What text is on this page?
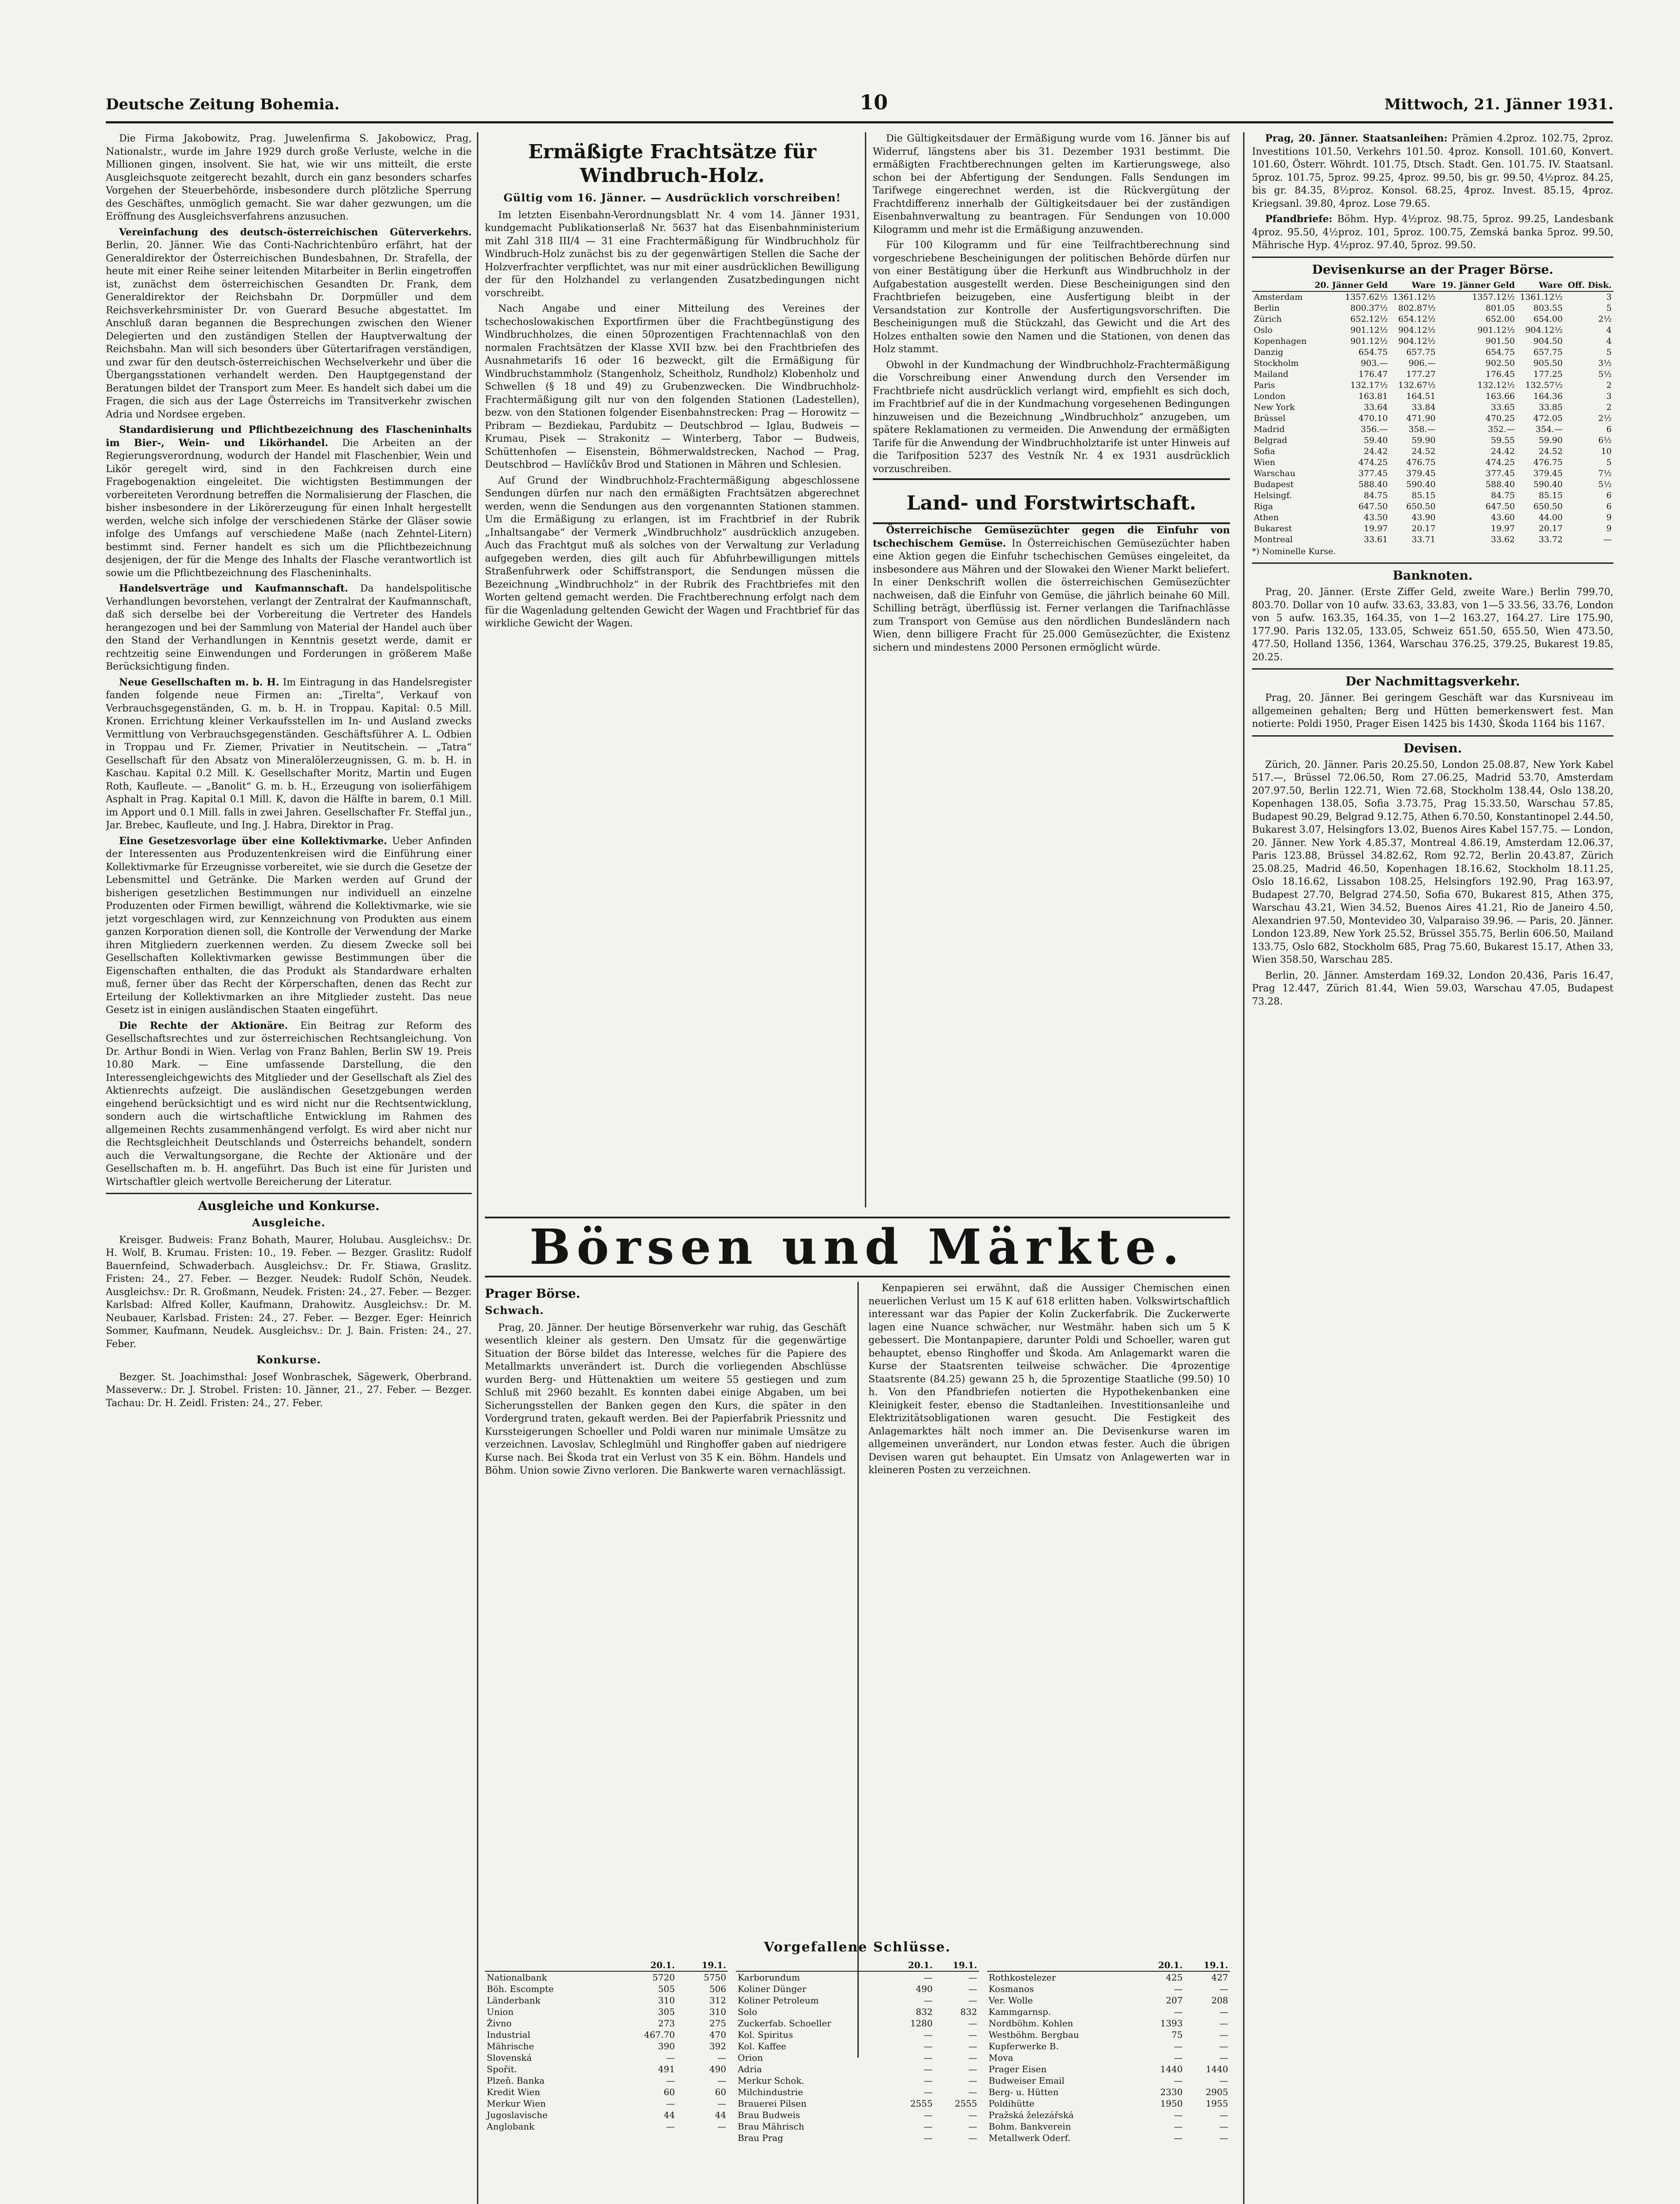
Deutsche Zeitung Bohemia.	10	Mittwoch, 21. Jänner 1931.

Die Firma Jakobowitz, Prag. Juwelenfirma S. Jakobowicz, Prag, Nationalstr., wurde im Jahre 1929 durch große Verluste, welche in die Millionen gingen, insolvent. Sie hat, wie wir uns mitteilt, die erste Ausgleichsquote zeitgerecht bezahlt, durch ein ganz besonders scharfes Vorgehen der Steuerbehörde, insbesondere durch plötzliche Sperrung des Geschäftes, unmöglich gemacht. Sie war daher gezwungen, um die Eröffnung des Ausgleichsverfahrens anzusuchen.

Vereinfachung des deutsch-österreichischen Güterverkehrs. Berlin, 20. Jänner. Wie das Conti-Nachrichtenbüro erfährt, hat der Generaldirektor der Österreichischen Bundesbahnen, Dr. Strafella, der heute mit einer Reihe seiner leitenden Mitarbeiter in Berlin eingetroffen ist, zunächst dem österreichischen Gesandten Dr. Frank, dem Generaldirektor der Reichsbahn Dr. Dorpmüller und dem Reichsverkehrsminister Dr. von Guerard Besuche abgestattet. Im Anschluß daran begannen die Besprechungen zwischen den Wiener Delegierten und den zuständigen Stellen der Hauptverwaltung der Reichsbahn. Man will sich besonders über Gütertarifragen verständigen, und zwar für den deutsch-österreichischen Wechselverkehr und über die Übergangsstationen verhandelt werden. Den Hauptgegenstand der Beratungen bildet der Transport zum Meer. Es handelt sich dabei um die Fragen, die sich aus der Lage Österreichs im Transitverkehr zwischen Adria und Nordsee ergeben.

Standardisierung und Pflichtbezeichnung des Flascheninhalts im Bier-, Wein- und Likörhandel. Die Arbeiten an der Regierungsverordnung, wodurch der Handel mit Flaschenbier, Wein und Likör geregelt wird, sind in den Fachkreisen durch eine Fragebogenaktion eingeleitet. Die wichtigsten Bestimmungen der vorbereiteten Verordnung betreffen die Normalisierung der Flaschen, die bisher insbesondere in der Likörerzeugung für einen Inhalt hergestellt werden, welche sich infolge der verschiedenen Stärke der Gläser sowie infolge des Umfangs auf verschiedene Maße (nach Zehntel-Litern) bestimmt sind. Ferner handelt es sich um die Pflichtbezeichnung desjenigen, der für die Menge des Inhalts der Flasche verantwortlich ist sowie um die Pflichtbezeichnung des Flascheninhalts.

Handelsverträge und Kaufmannschaft. Da handelspolitische Verhandlungen bevorstehen, verlangt der Zentralrat der Kaufmannschaft, daß sich derselbe bei der Vorbereitung die Vertreter des Handels herangezogen und bei der Sammlung von Material der Handel auch über den Stand der Verhandlungen in Kenntnis gesetzt werde, damit er rechtzeitig seine Einwendungen und Forderungen in größerem Maße Berücksichtigung finden.

Neue Gesellschaften m. b. H. Im Eintragung in das Handelsregister fanden folgende neue Firmen an: „Tirelta“, Verkauf von Verbrauchsgegenständen, G. m. b. H. in Troppau. Kapital: 0.5 Mill. Kronen. Errichtung kleiner Verkaufsstellen im In- und Ausland zwecks Vermittlung von Verbrauchsgegenständen. Geschäftsführer A. L. Odbien in Troppau und Fr. Ziemer, Privatier in Neutitschein. — „Tatra“ Gesellschaft für den Absatz von Mineralölerzeugnissen, G. m. b. H. in Kaschau. Kapital 0.2 Mill. K. Gesellschafter Moritz, Martin und Eugen Roth, Kaufleute. — „Banolit“ G. m. b. H., Erzeugung von isolierfähigem Asphalt in Prag. Kapital 0.1 Mill. K, davon die Hälfte in barem, 0.1 Mill. im Apport und 0.1 Mill. falls in zwei Jahren. Gesellschafter Fr. Steffal jun., Jar. Brebec, Kaufleute, und Ing. J. Habra, Direktor in Prag.

Eine Gesetzesvorlage über eine Kollektivmarke. Ueber Anfinden der Interessenten aus Produzentenkreisen wird die Einführung einer Kollektivmarke für Erzeugnisse vorbereitet, wie sie durch die Gesetze der Lebensmittel und Getränke. Die Marken werden auf Grund der bisherigen gesetzlichen Bestimmungen nur individuell an einzelne Produzenten oder Firmen bewilligt, während die Kollektivmarke, wie sie jetzt vorgeschlagen wird, zur Kennzeichnung von Produkten aus einem ganzen Korporation dienen soll, die Kontrolle der Verwendung der Marke ihren Mitgliedern zuerkennen werden. Zu diesem Zwecke soll bei Gesellschaften Kollektivmarken gewisse Bestimmungen über die Eigenschaften enthalten, die das Produkt als Standardware erhalten muß, ferner über das Recht der Körperschaften, denen das Recht zur Erteilung der Kollektivmarken an ihre Mitglieder zusteht. Das neue Gesetz ist in einigen ausländischen Staaten eingeführt.

Die Rechte der Aktionäre. Ein Beitrag zur Reform des Gesellschaftsrechtes und zur österreichischen Rechtsangleichung. Von Dr. Arthur Bondi in Wien. Verlag von Franz Bahlen, Berlin SW 19. Preis 10.80 Mark. — Eine umfassende Darstellung, die den Interessengleichgewichts des Mitglieder und der Gesellschaft als Ziel des Aktienrechts aufzeigt. Die ausländischen Gesetzgebungen werden eingehend berücksichtigt und es wird nicht nur die Rechtsentwicklung, sondern auch die wirtschaftliche Entwicklung im Rahmen des allgemeinen Rechts zusammenhängend verfolgt. Es wird aber nicht nur die Rechtsgleichheit Deutschlands und Österreichs behandelt, sondern auch die Verwaltungsorgane, die Rechte der Aktionäre und der Gesellschaften m. b. H. angeführt. Das Buch ist eine für Juristen und Wirtschaftler gleich wertvolle Bereicherung der Literatur.

Ausgleiche und Konkurse.
Ausgleiche.

Kreisger. Budweis: Franz Bohath, Maurer, Holubau. Ausgleichsv.: Dr. H. Wolf, B. Krumau. Fristen: 10., 19. Feber. — Bezger. Graslitz: Rudolf Bauernfeind, Schwaderbach. Ausgleichsv.: Dr. Fr. Stiawa, Graslitz. Fristen: 24., 27. Feber. — Bezger. Neudek: Rudolf Schön, Neudek. Ausgleichsv.: Dr. R. Großmann, Neudek. Fristen: 24., 27. Feber. — Bezger. Karlsbad: Alfred Koller, Kaufmann, Drahowitz. Ausgleichsv.: Dr. M. Neubauer, Karlsbad. Fristen: 24., 27. Feber. — Bezger. Eger: Heinrich Sommer, Kaufmann, Neudek. Ausgleichsv.: Dr. J. Bain. Fristen: 24., 27. Feber.

Konkurse.

Bezger. St. Joachimsthal: Josef Wonbraschek, Sägewerk, Oberbrand. Masseverw.: Dr. J. Strobel. Fristen: 10. Jänner, 21., 27. Feber. — Bezger. Tachau: Dr. H. Zeidl. Fristen: 24., 27. Feber.

Ermäßigte Frachtsätze für Windbruch-Holz.
Gültig vom 16. Jänner. — Ausdrücklich vorschreiben!

Im letzten Eisenbahn-Verordnungsblatt Nr. 4 vom 14. Jänner 1931, kundgemacht Publikationserlaß Nr. 5637 hat das Eisenbahnministerium mit Zahl 318 III/4 — 31 eine Frachtermäßigung für Windbruchholz für Windbruch-Holz zunächst bis zu der gegenwärtigen Stellen die Sache der Holzverfrachter verpflichtet, was nur mit einer ausdrücklichen Bewilligung der für den Holzhandel zu verlangenden Zusatzbedingungen nicht vorschreibt.

Nach Angabe und einer Mitteilung des Vereines der tschechoslowakischen Exportfirmen über die Frachtbegünstigung des Windbruchholzes, die einen 50prozentigen Frachtennachlaß von den normalen Frachtsätzen der Klasse XVII bzw. bei den Frachtbriefen des Ausnahmetarifs 16 oder 16 bezweckt, gilt die Ermäßigung für Windbruchstammholz (Stangenholz, Scheitholz, Rundholz) Klobenholz und Schwellen (§ 18 und 49) zu Grubenzwecken. Die Windbruchholz-Frachtermäßigung gilt nur von den folgenden Stationen (Ladestellen), bezw. von den Stationen folgender Eisenbahnstrecken: Prag — Horowitz — Pribram — Bezdiekau, Pardubitz — Deutschbrod — Iglau, Budweis — Krumau, Pisek — Strakonitz — Winterberg, Tabor — Budweis, Schüttenhofen — Eisenstein, Böhmerwaldstrecken, Nachod — Prag, Deutschbrod — Havlíčkův Brod und Stationen in Mähren und Schlesien.

Auf Grund der Windbruchholz-Frachtermäßigung abgeschlossene Sendungen dürfen nur nach den ermäßigten Frachtsätzen abgerechnet werden, wenn die Sendungen aus den vorgenannten Stationen stammen. Um die Ermäßigung zu erlangen, ist im Frachtbrief in der Rubrik „Inhaltsangabe“ der Vermerk „Windbruchholz“ ausdrücklich anzugeben. Auch das Frachtgut muß als solches von der Verwaltung zur Verladung aufgegeben werden, dies gilt auch für Abfuhrbewilligungen mittels Straßenfuhrwerk oder Schiffstransport, die Sendungen müssen die Bezeichnung „Windbruchholz“ in der Rubrik des Frachtbriefes mit den Worten geltend gemacht werden. Die Frachtberechnung erfolgt nach dem für die Wagenladung geltenden Gewicht der Wagen und Frachtbrief für das wirkliche Gewicht der Wagen.

Die Gültigkeitsdauer der Ermäßigung wurde vom 16. Jänner bis auf Widerruf, längstens aber bis 31. Dezember 1931 bestimmt. Die ermäßigten Frachtberechnungen gelten im Kartierungswege, also schon bei der Abfertigung der Sendungen. Falls Sendungen im Tarifwege eingerechnet werden, ist die Rückvergütung der Frachtdifferenz innerhalb der Gültigkeitsdauer bei der zuständigen Eisenbahnverwaltung zu beantragen. Für Sendungen von 10.000 Kilogramm und mehr ist die Ermäßigung anzuwenden.

Für 100 Kilogramm und für eine Teilfrachtberechnung sind vorgeschriebene Bescheinigungen der politischen Behörde dürfen nur von einer Bestätigung über die Herkunft aus Windbruchholz in der Aufgabestation ausgestellt werden. Diese Bescheinigungen sind den Frachtbriefen beizugeben, eine Ausfertigung bleibt in der Versandstation zur Kontrolle der Ausfertigungsvorschriften. Die Bescheinigungen muß die Stückzahl, das Gewicht und die Art des Holzes enthalten sowie den Namen und die Stationen, von denen das Holz stammt.

Obwohl in der Kundmachung der Windbruchholz-Frachtermäßigung die Vorschreibung einer Anwendung durch den Versender im Frachtbriefe nicht ausdrücklich verlangt wird, empfiehlt es sich doch, im Frachtbrief auf die in der Kundmachung vorgesehenen Bedingungen hinzuweisen und die Bezeichnung „Windbruchholz“ anzugeben, um spätere Reklamationen zu vermeiden. Die Anwendung der ermäßigten Tarife für die Anwendung der Windbruchholztarife ist unter Hinweis auf die Tarifposition 5237 des Vestník Nr. 4 ex 1931 ausdrücklich vorzuschreiben.

Land- und Forstwirtschaft.

Österreichische Gemüsezüchter gegen die Einfuhr von tschechischem Gemüse. In Österreichischen Gemüsezüchter haben eine Aktion gegen die Einfuhr tschechischen Gemüses eingeleitet, da insbesondere aus Mähren und der Slowakei den Wiener Markt beliefert. In einer Denkschrift wollen die österreichischen Gemüsezüchter nachweisen, daß die Einfuhr von Gemüse, die jährlich beinahe 60 Mill. Schilling beträgt, überflüssig ist. Ferner verlangen die Tarifnachlässe zum Transport von Gemüse aus den nördlichen Bundesländern nach Wien, denn billigere Fracht für 25.000 Gemüsezüchter, die Existenz sichern und mindestens 2000 Personen ermöglicht würde.

Börsen und Märkte.
Prager Börse.
Schwach.

Prag, 20. Jänner. Der heutige Börsenverkehr war ruhig, das Geschäft wesentlich kleiner als gestern. Den Umsatz für die gegenwärtige Situation der Börse bildet das Interesse, welches für die Papiere des Metallmarkts unverändert ist. Durch die vorliegenden Abschlüsse wurden Berg- und Hüttenaktien um weitere 55 gestiegen und zum Schluß mit 2960 bezahlt. Es konnten dabei einige Abgaben, um bei Sicherungsstellen der Banken gegen den Kurs, die später in den Vordergrund traten, gekauft werden. Bei der Papierfabrik Priessnitz und Kurssteigerungen Schoeller und Poldi waren nur minimale Umsätze zu verzeichnen. Lavoslav, Schleglmühl und Ringhoffer gaben auf niedrigere Kurse nach. Bei Škoda trat ein Verlust von 35 K ein. Böhm. Handels und Böhm. Union sowie Zivno verloren. Die Bankwerte waren vernachlässigt.

Kenpapieren sei erwähnt, daß die Aussiger Chemischen einen neuerlichen Verlust um 15 K auf 618 erlitten haben. Volkswirtschaftlich interessant war das Papier der Kolin Zuckerfabrik. Die Zuckerwerte lagen eine Nuance schwächer, nur Westmähr. haben sich um 5 K gebessert. Die Montanpapiere, darunter Poldi und Schoeller, waren gut behauptet, ebenso Ringhoffer und Škoda. Am Anlagemarkt waren die Kurse der Staatsrenten teilweise schwächer. Die 4prozentige Staatsrente (84.25) gewann 25 h, die 5prozentige Staatliche (99.50) 10 h. Von den Pfandbriefen notierten die Hypothekenbanken eine Kleinigkeit fester, ebenso die Stadtanleihen. Investitionsanleihe und Elektrizitätsobligationen waren gesucht. Die Festigkeit des Anlagemarktes hält noch immer an. Die Devisenkurse waren im allgemeinen unverändert, nur London etwas fester. Auch die übrigen Devisen waren gut behauptet. Ein Umsatz von Anlagewerten war in kleineren Posten zu verzeichnen.

Vorgefallene Schlüsse.
	20.1.	19.1.
Nationalbank	5720	5750
Böh. Escompte	505	506
Länderbank	310	312
Union	305	310
Živno	273	275
Industrial	467.70	470
Mährische	390	392
Slovenská	—	—
Spořit.	491	490
Plzeň. Banka	—	—
Kredit Wien	60	60
Merkur Wien	—	—
Jugoslavische	44	44
Anglobank	—	—
	20.1.	19.1.
Karborundum	—	—
Koliner Dünger	490	—
Koliner Petroleum	—	—
Solo	832	832
Zuckerfab. Schoeller	1280	—
Kol. Spiritus	—	—
Kol. Kaffee	—	—
Orion	—	—
Adria	—	—
Merkur Schok.	—	—
Milchindustrie	—	—
Brauerei Pilsen	2555	2555
Brau Budweis	—	—
Brau Mährisch	—	—
Brau Prag	—	—
	20.1.	19.1.
Rothkostelezer	425	427
Kosmanos	—	—
Ver. Wolle	207	208
Kammgarnsp.	—	—
Nordböhm. Kohlen	1393	—
Westböhm. Bergbau	75	—
Kupferwerke B.	—	—
Mova	—	—
Prager Eisen	1440	1440
Budweiser Email	—	—
Berg- u. Hütten	2330	2905
Poldihütte	1950	1955
Pražská železářská	—	—
Bohm. Bankverein	—	—
Metallwerk Oderf.	—	—

Prag, 20. Jänner. Staatsanleihen: Prämien 4.2proz. 102.75, 2proz. Investitions 101.50, Verkehrs 101.50. 4proz. Konsoll. 101.60, Konvert. 101.60, Österr. Wöhrdt. 101.75, Dtsch. Stadt. Gen. 101.75. IV. Staatsanl. 5proz. 101.75, 5proz. 99.25, 4proz. 99.50, bis gr. 99.50, 4½proz. 84.25, bis gr. 84.35, 8½proz. Konsol. 68.25, 4proz. Invest. 85.15, 4proz. Kriegsanl. 39.80, 4proz. Lose 79.65.

Pfandbriefe: Böhm. Hyp. 4½proz. 98.75, 5proz. 99.25, Landesbank 4proz. 95.50, 4½proz. 101, 5proz. 100.75, Zemská banka 5proz. 99.50, Mährische Hyp. 4½proz. 97.40, 5proz. 99.50.

Devisenkurse an der Prager Börse.
	20. Jänner Geld	Ware	19. Jänner Geld	Ware	Off. Disk.
Amsterdam	1357.62½	1361.12½	1357.12½	1361.12½	3
Berlin	800.37½	802.87½	801.05	803.55	5
Zürich	652.12½	654.12½	652.00	654.00	2½
Oslo	901.12½	904.12½	901.12½	904.12½	4
Kopenhagen	901.12½	904.12½	901.50	904.50	4
Danzig	654.75	657.75	654.75	657.75	5
Stockholm	903.—	906.—	902.50	905.50	3½
Mailand	176.47	177.27	176.45	177.25	5½
Paris	132.17½	132.67½	132.12½	132.57½	2
London	163.81	164.51	163.66	164.36	3
New York	33.64	33.84	33.65	33.85	2
Brüssel	470.10	471.90	470.25	472.05	2½
Madrid	356.—	358.—	352.—	354.—	6
Belgrad	59.40	59.90	59.55	59.90	6½
Sofia	24.42	24.52	24.42	24.52	10
Wien	474.25	476.75	474.25	476.75	5
Warschau	377.45	379.45	377.45	379.45	7½
Budapest	588.40	590.40	588.40	590.40	5½
Helsingf.	84.75	85.15	84.75	85.15	6
Riga	647.50	650.50	647.50	650.50	6
Athen	43.50	43.90	43.60	44.00	9
Bukarest	19.97	20.17	19.97	20.17	9
Montreal	33.61	33.71	33.62	33.72	—
*) Nominelle Kurse.
Banknoten.

Prag, 20. Jänner. (Erste Ziffer Geld, zweite Ware.) Berlin 799.70, 803.70. Dollar von 10 aufw. 33.63, 33.83, von 1—5 33.56, 33.76, London von 5 aufw. 163.35, 164.35, von 1—2 163.27, 164.27. Lire 175.90, 177.90. Paris 132.05, 133.05, Schweiz 651.50, 655.50, Wien 473.50, 477.50, Holland 1356, 1364, Warschau 376.25, 379.25, Bukarest 19.85, 20.25.

Der Nachmittagsverkehr.

Prag, 20. Jänner. Bei geringem Geschäft war das Kursniveau im allgemeinen gehalten; Berg und Hütten bemerkenswert fest. Man notierte: Poldi 1950, Prager Eisen 1425 bis 1430, Škoda 1164 bis 1167.

Devisen.

Zürich, 20. Jänner. Paris 20.25.50, London 25.08.87, New York Kabel 517.—, Brüssel 72.06.50, Rom 27.06.25, Madrid 53.70, Amsterdam 207.97.50, Berlin 122.71, Wien 72.68, Stockholm 138.44, Oslo 138.20, Kopenhagen 138.05, Sofia 3.73.75, Prag 15.33.50, Warschau 57.85, Budapest 90.29, Belgrad 9.12.75, Athen 6.70.50, Konstantinopel 2.44.50, Bukarest 3.07, Helsingfors 13.02, Buenos Aires Kabel 157.75. — London, 20. Jänner. New York 4.85.37, Montreal 4.86.19, Amsterdam 12.06.37, Paris 123.88, Brüssel 34.82.62, Rom 92.72, Berlin 20.43.87, Zürich 25.08.25, Madrid 46.50, Kopenhagen 18.16.62, Stockholm 18.11.25, Oslo 18.16.62, Lissabon 108.25, Helsingfors 192.90, Prag 163.97, Budapest 27.70, Belgrad 274.50, Sofia 670, Bukarest 815, Athen 375, Warschau 43.21, Wien 34.52, Buenos Aires 41.21, Rio de Janeiro 4.50, Alexandrien 97.50, Montevideo 30, Valparaiso 39.96. — Paris, 20. Jänner. London 123.89, New York 25.52, Brüssel 355.75, Berlin 606.50, Mailand 133.75, Oslo 682, Stockholm 685, Prag 75.60, Bukarest 15.17, Athen 33, Wien 358.50, Warschau 285.

Berlin, 20. Jänner. Amsterdam 169.32, London 20.436, Paris 16.47, Prag 12.447, Zürich 81.44, Wien 59.03, Warschau 47.05, Budapest 73.28.
